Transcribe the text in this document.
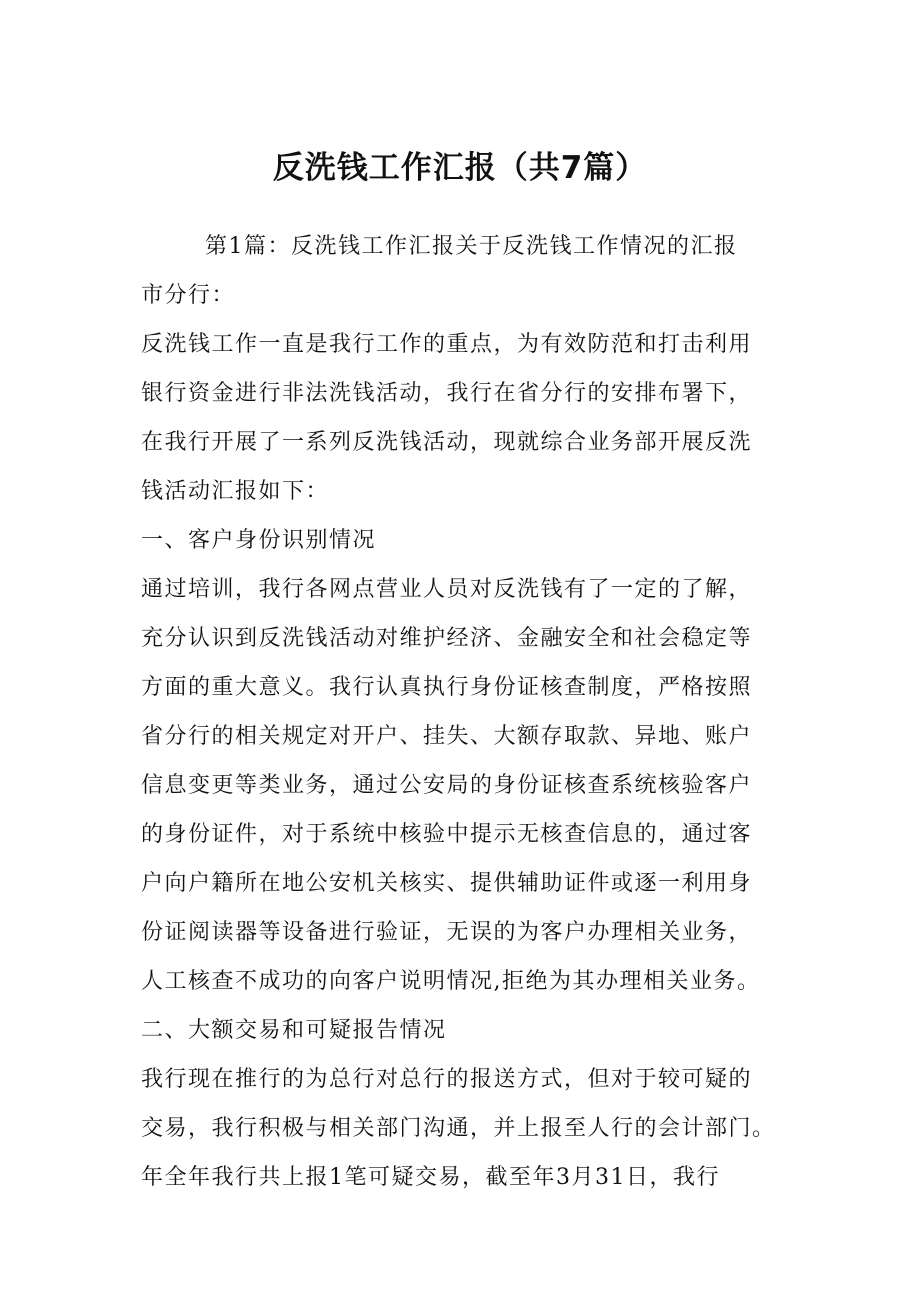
反洗钱工作汇报（共7篇）
第1篇：反洗钱工作汇报关于反洗钱工作情况的汇报
市分行：
反洗钱工作一直是我行工作的重点，为有效防范和打击利用
银行资金进行非法洗钱活动，我行在省分行的安排布署下，
在我行开展了一系列反洗钱活动，现就综合业务部开展反洗
钱活动汇报如下：
一、客户身份识别情况
通过培训，我行各网点营业人员对反洗钱有了一定的了解，
充分认识到反洗钱活动对维护经济、金融安全和社会稳定等
方面的重大意义。我行认真执行身份证核查制度，严格按照
省分行的相关规定对开户、挂失、大额存取款、异地、账户
信息变更等类业务，通过公安局的身份证核查系统核验客户
的身份证件，对于系统中核验中提示无核查信息的，通过客
户向户籍所在地公安机关核实、提供辅助证件或逐一利用身
份证阅读器等设备进行验证，无误的为客户办理相关业务，
人工核查不成功的向客户说明情况,拒绝为其办理相关业务。
二、大额交易和可疑报告情况
我行现在推行的为总行对总行的报送方式，但对于较可疑的
交易，我行积极与相关部门沟通，并上报至人行的会计部门。
年全年我行共上报1笔可疑交易，截至年3月31日，我行
